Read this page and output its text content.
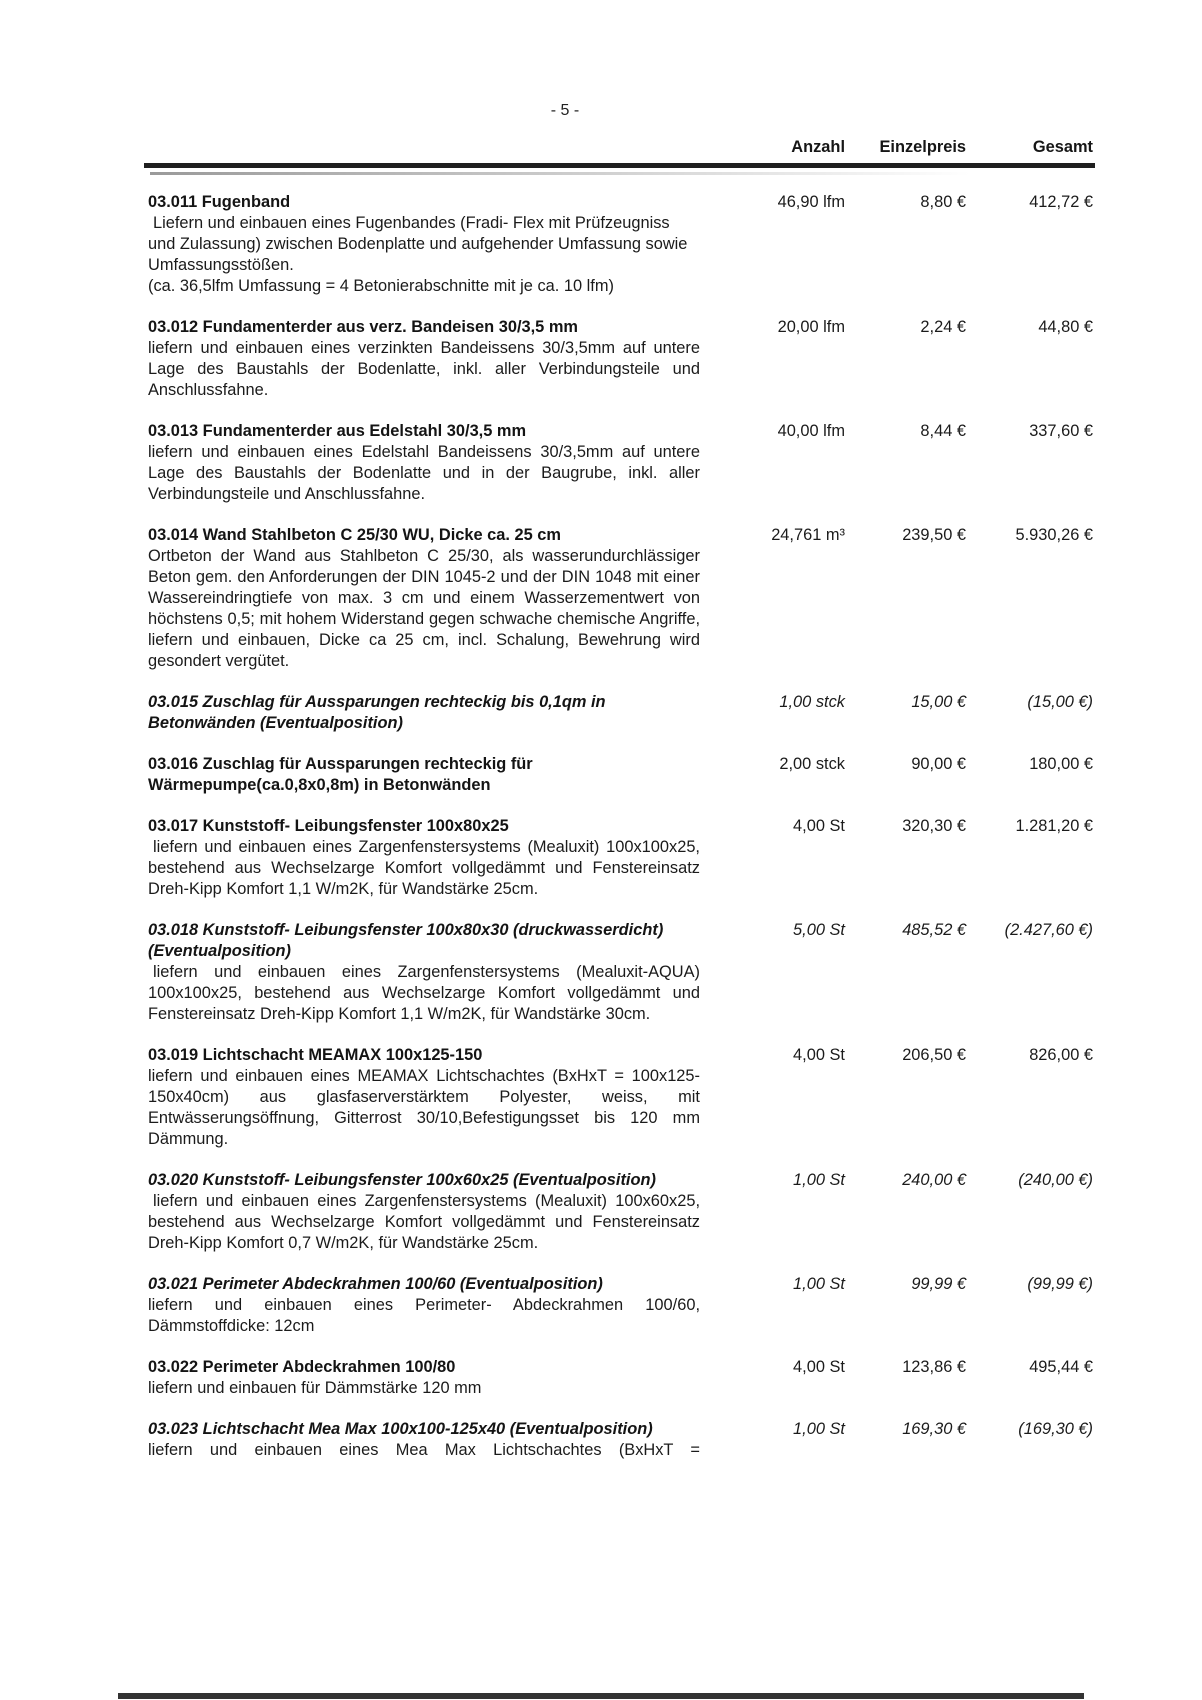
- 5 -
Anzahl	Einzelpreis	Gesamt
03.011 Fugenband

Liefern und einbauen eines Fugenbandes (Fradi- Flex mit Prüfzeugniss und Zulassung) zwischen Bodenplatte und aufgehender Umfassung sowie Umfassungsstößen.

(ca. 36,5lfm Umfassung = 4 Betonierabschnitte mit je ca. 10 lfm)

46,90 lfm	8,80 €	412,72 €
03.012 Fundamenterder aus verz. Bandeisen 30/3,5 mm

liefern und einbauen eines verzinkten Bandeissens 30/3,5mm auf untere Lage des Baustahls der Bodenlatte, inkl. aller Verbindungsteile und Anschlussfahne.

20,00 lfm	2,24 €	44,80 €
03.013 Fundamenterder aus Edelstahl 30/3,5 mm

liefern und einbauen eines Edelstahl Bandeissens 30/3,5mm auf untere Lage des Baustahls der Bodenlatte und in der Baugrube, inkl. aller Verbindungsteile und Anschlussfahne.

40,00 lfm	8,44 €	337,60 €
03.014 Wand Stahlbeton C 25/30 WU, Dicke ca. 25 cm

Ortbeton der Wand aus Stahlbeton C 25/30, als wasserundurchlässiger Beton gem. den Anforderungen der DIN 1045-2 und der DIN 1048 mit einer Wassereindringtiefe von max. 3 cm und einem Wasserzementwert von höchstens 0,5; mit hohem Widerstand gegen schwache chemische Angriffe, liefern und einbauen, Dicke ca 25 cm, incl. Schalung, Bewehrung wird gesondert vergütet.

24,761 m³	239,50 €	5.930,26 €
03.015 Zuschlag für Aussparungen rechteckig bis 0,1qm in
Betonwänden (Eventualposition)
1,00 stck	15,00 €	(15,00 €)
03.016 Zuschlag für Aussparungen rechteckig für
Wärmepumpe(ca.0,8x0,8m) in Betonwänden
2,00 stck	90,00 €	180,00 €
03.017 Kunststoff- Leibungsfenster 100x80x25

liefern und einbauen eines Zargenfenstersystems (Mealuxit) 100x100x25, bestehend aus Wechselzarge Komfort vollgedämmt und Fenstereinsatz Dreh-Kipp Komfort 1,1 W/m2K, für Wandstärke 25cm.

4,00 St	320,30 €	1.281,20 €
03.018 Kunststoff- Leibungsfenster 100x80x30 (druckwasserdicht)
(Eventualposition)

liefern und einbauen eines Zargenfenstersystems (Mealuxit-AQUA) 100x100x25, bestehend aus Wechselzarge Komfort vollgedämmt und Fenstereinsatz Dreh-Kipp Komfort 1,1 W/m2K, für Wandstärke 30cm.

5,00 St	485,52 €	(2.427,60 €)
03.019 Lichtschacht MEAMAX 100x125-150

liefern und einbauen eines MEAMAX Lichtschachtes (BxHxT = 100x125-150x40cm) aus glasfaserverstärktem Polyester, weiss, mit Entwässerungsöffnung, Gitterrost 30/10,Befestigungsset bis 120 mm Dämmung.

4,00 St	206,50 €	826,00 €
03.020 Kunststoff- Leibungsfenster 100x60x25 (Eventualposition)

liefern und einbauen eines Zargenfenstersystems (Mealuxit) 100x60x25, bestehend aus Wechselzarge Komfort vollgedämmt und Fenstereinsatz Dreh-Kipp Komfort 0,7 W/m2K, für Wandstärke 25cm.

1,00 St	240,00 €	(240,00 €)
03.021 Perimeter Abdeckrahmen 100/60 (Eventualposition)

liefern und einbauen eines Perimeter- Abdeckrahmen 100/60, Dämmstoffdicke: 12cm

1,00 St	99,99 €	(99,99 €)
03.022 Perimeter Abdeckrahmen 100/80

liefern und einbauen für Dämmstärke 120 mm

4,00 St	123,86 €	495,44 €
03.023 Lichtschacht Mea Max 100x100-125x40 (Eventualposition)

liefern und einbauen eines Mea Max Lichtschachtes (BxHxT =

1,00 St	169,30 €	(169,30 €)
